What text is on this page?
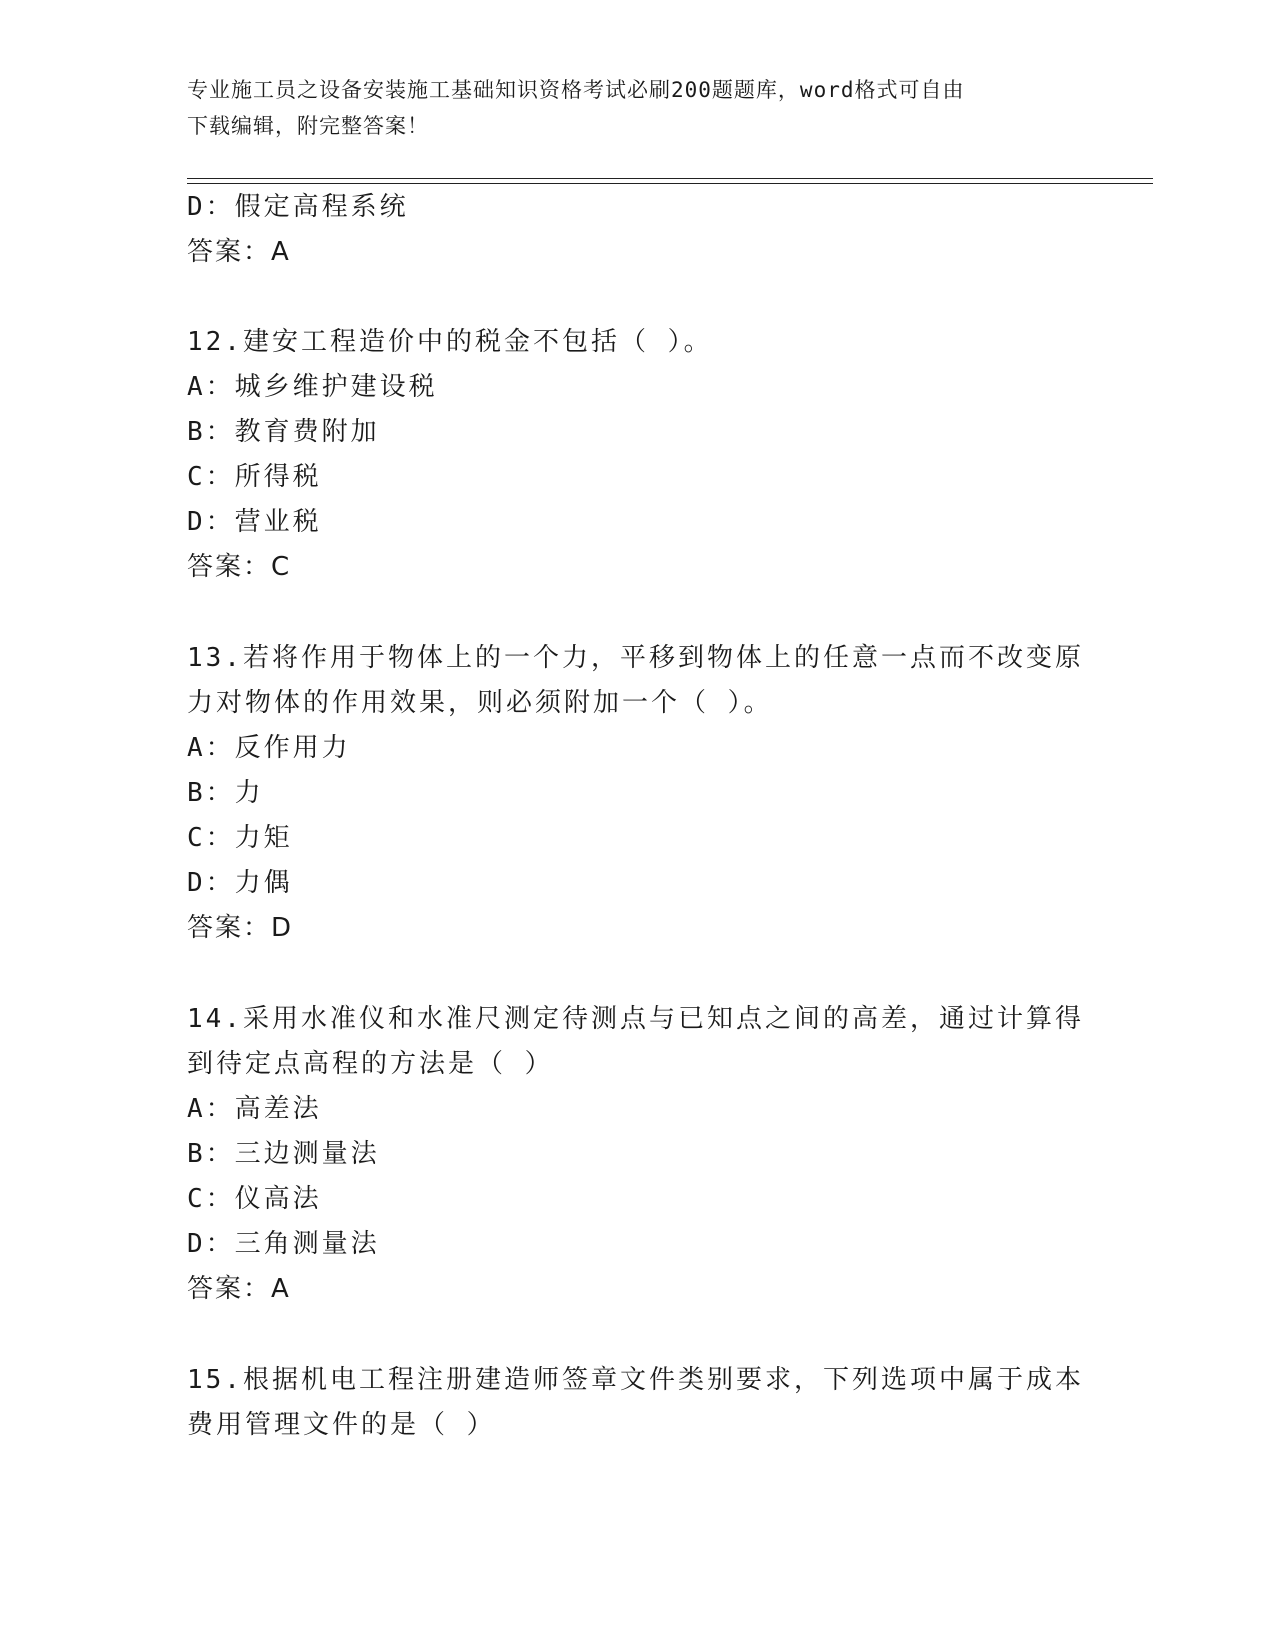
专业施工员之设备安装施工基础知识资格考试必刷200题题库，word格式可自由
下载编辑，附完整答案！
D：假定高程系统
答案：A
12.建安工程造价中的税金不包括（ ）。
A：城乡维护建设税
B：教育费附加
C：所得税
D：营业税
答案：C
13.若将作用于物体上的一个力，平移到物体上的任意一点而不改变原
力对物体的作用效果，则必须附加一个（ ）。
A：反作用力
B：力
C：力矩
D：力偶
答案：D
14.采用水准仪和水准尺测定待测点与已知点之间的高差，通过计算得
到待定点高程的方法是（ ）
A：高差法
B：三边测量法
C：仪高法
D：三角测量法
答案：A
15.根据机电工程注册建造师签章文件类别要求，下列选项中属于成本
费用管理文件的是（ ）
